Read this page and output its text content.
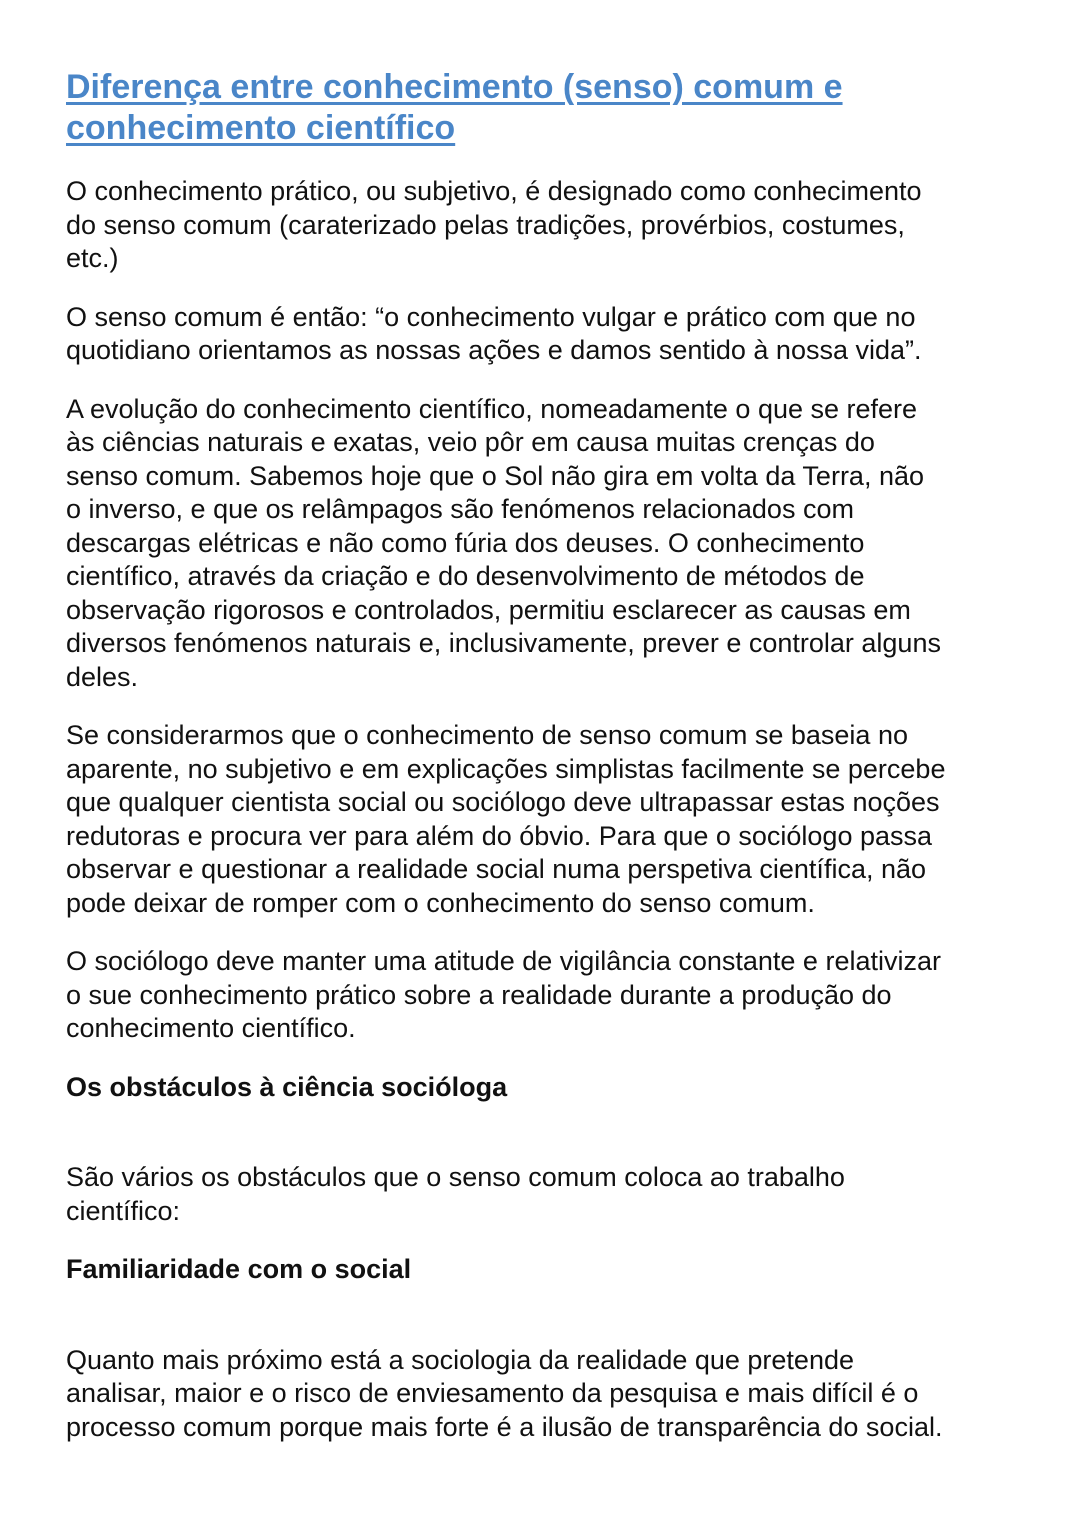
Diferença entre conhecimento (senso) comum e
conhecimento científico
O conhecimento prático, ou subjetivo, é designado como conhecimento
do senso comum (caraterizado pelas tradições, provérbios, costumes,
etc.)
O senso comum é então: “o conhecimento vulgar e prático com que no
quotidiano orientamos as nossas ações e damos sentido à nossa vida”.
A evolução do conhecimento científico, nomeadamente o que se refere
às ciências naturais e exatas, veio pôr em causa muitas crenças do
senso comum. Sabemos hoje que o Sol não gira em volta da Terra, não
o inverso, e que os relâmpagos são fenómenos relacionados com
descargas elétricas e não como fúria dos deuses. O conhecimento
científico, através da criação e do desenvolvimento de métodos de
observação rigorosos e controlados, permitiu esclarecer as causas em
diversos fenómenos naturais e, inclusivamente, prever e controlar alguns
deles.
Se considerarmos que o conhecimento de senso comum se baseia no
aparente, no subjetivo e em explicações simplistas facilmente se percebe
que qualquer cientista social ou sociólogo deve ultrapassar estas noções
redutoras e procura ver para além do óbvio. Para que o sociólogo passa
observar e questionar a realidade social numa perspetiva científica, não
pode deixar de romper com o conhecimento do senso comum.
O sociólogo deve manter uma atitude de vigilância constante e relativizar
o sue conhecimento prático sobre a realidade durante a produção do
conhecimento científico.
Os obstáculos à ciência socióloga
São vários os obstáculos que o senso comum coloca ao trabalho
científico:
Familiaridade com o social
Quanto mais próximo está a sociologia da realidade que pretende
analisar, maior e o risco de enviesamento da pesquisa e mais difícil é o
processo comum porque mais forte é a ilusão de transparência do social.
